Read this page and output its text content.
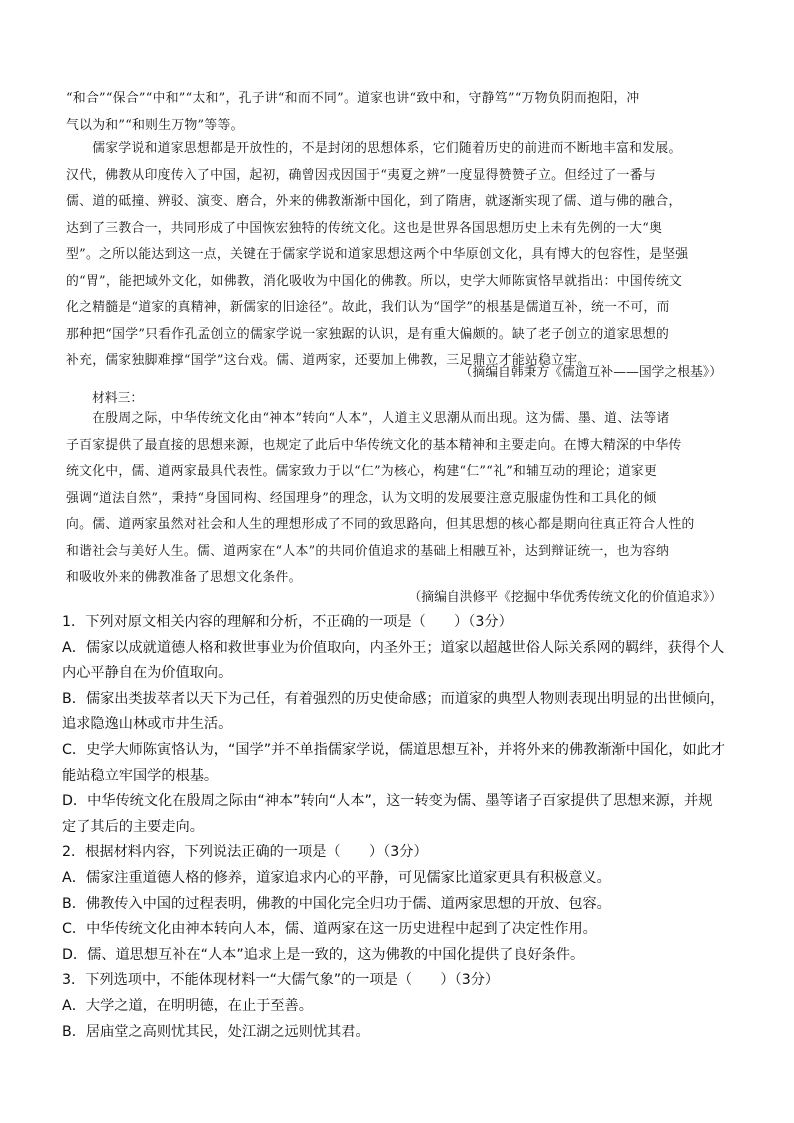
“和合”“保合”“中和”“太和”，孔子讲“和而不同”。道家也讲“致中和，守静笃”“万物负阴而抱阳，冲
气以为和”“和则生万物”等等。
　　儒家学说和道家思想都是开放性的，不是封闭的思想体系，它们随着历史的前进而不断地丰富和发展。
汉代，佛教从印度传入了中国，起初，确曾因戎因国于“夷夏之辨”一度显得赞赞孑立。但经过了一番与
儒、道的砥撞、辨驳、演变、磨合，外来的佛教渐渐中国化，到了隋唐，就逐渐实现了儒、道与佛的融合，
达到了三教合一，共同形成了中国恢宏独特的传统文化。这也是世界各国思想历史上未有先例的一大“奥
型”。之所以能达到这一点，关键在于儒家学说和道家思想这两个中华原创文化，具有博大的包容性，是坚强
的“胃”，能把域外文化，如佛教，消化吸收为中国化的佛教。所以，史学大师陈寅恪早就指出：中国传统文
化之精髓是“道家的真精神，新儒家的旧途径”。故此，我们认为“国学”的根基是儒道互补，统一不可，而
那种把“国学”只看作孔孟创立的儒家学说一家独踞的认识，是有重大偏颇的。缺了老子创立的道家思想的
补充，儒家独脚难撑“国学”这台戏。儒、道两家，还要加上佛教，三足鼎立才能站稳立牢。
（摘编自韩秉方《儒道互补——国学之根基》）
材料三：
　　在殷周之际，中华传统文化由“神本”转向“人本”，人道主义思潮从而出现。这为儒、墨、道、法等诸
子百家提供了最直接的思想来源，也规定了此后中华传统文化的基本精神和主要走向。在博大精深的中华传
统文化中，儒、道两家最具代表性。儒家致力于以“仁”为核心，构建“仁”“礼”和辅互动的理论；道家更
强调“道法自然”，秉持“身国同构、经国理身”的理念，认为文明的发展要注意克服虚伪性和工具化的倾
向。儒、道两家虽然对社会和人生的理想形成了不同的致思路向，但其思想的核心都是期向往真正符合人性的
和谐社会与美好人生。儒、道两家在“人本”的共同价值追求的基础上相融互补，达到辩证统一，也为容纳
和吸收外来的佛教准备了思想文化条件。
（摘编自洪修平《挖掘中华优秀传统文化的价值追求》）
1．下列对原文相关内容的理解和分析，不正确的一项是（　　）（3分）
A．儒家以成就道德人格和救世事业为价值取向，内圣外王；道家以超越世俗人际关系网的羁绊，获得个人
内心平静自在为价值取向。
B．儒家出类拔萃者以天下为己任，有着强烈的历史使命感；而道家的典型人物则表现出明显的出世倾向，
追求隐逸山林或市井生活。
C．史学大师陈寅恪认为，“国学”并不单指儒家学说，儒道思想互补，并将外来的佛教渐渐中国化，如此才
能站稳立牢国学的根基。
D．中华传统文化在殷周之际由“神本”转向“人本”，这一转变为儒、墨等诸子百家提供了思想来源，并规
定了其后的主要走向。
2．根据材料内容，下列说法正确的一项是（　　）（3分）
A．儒家注重道德人格的修养，道家追求内心的平静，可见儒家比道家更具有积极意义。
B．佛教传入中国的过程表明，佛教的中国化完全归功于儒、道两家思想的开放、包容。
C．中华传统文化由神本转向人本，儒、道两家在这一历史进程中起到了决定性作用。
D．儒、道思想互补在“人本”追求上是一致的，这为佛教的中国化提供了良好条件。
3．下列选项中，不能体现材料一“大儒气象”的一项是（　　）（3分）
A．大学之道，在明明德，在止于至善。
B．居庙堂之高则忧其民，处江湖之远则忧其君。
